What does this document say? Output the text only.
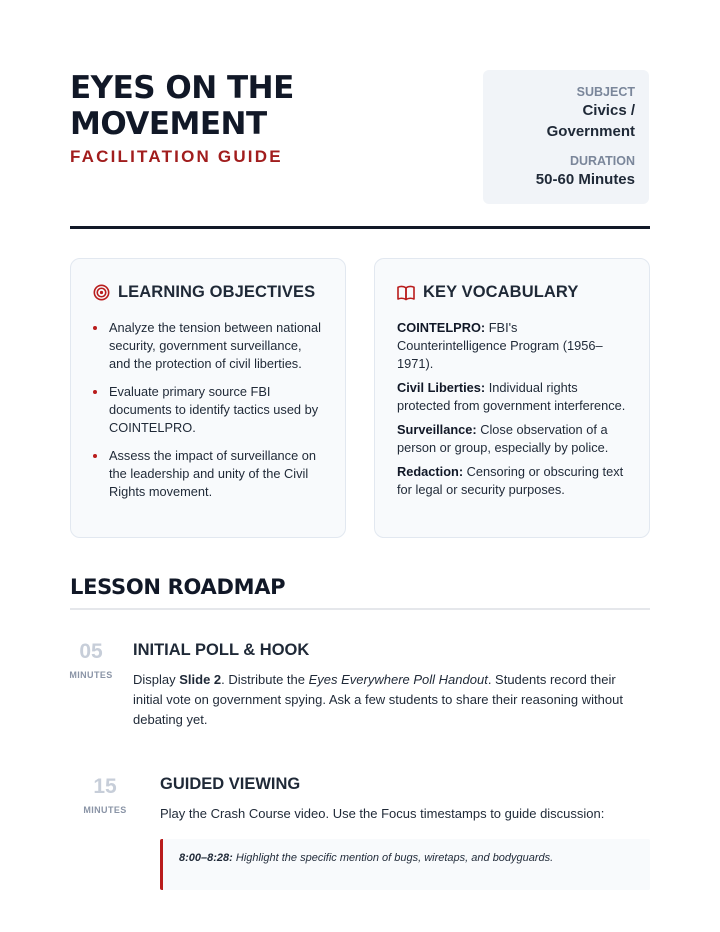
EYES ON THE
MOVEMENT
FACILITATION GUIDE
SUBJECT
Civics / Government
DURATION
50-60 Minutes
LEARNING OBJECTIVES
Analyze the tension between national security, government surveillance, and the protection of civil liberties.
Evaluate primary source FBI documents to identify tactics used by COINTELPRO.
Assess the impact of surveillance on the leadership and unity of the Civil Rights movement.
KEY VOCABULARY
COINTELPRO: FBI's Counterintelligence Program (1956–1971).
Civil Liberties: Individual rights protected from government interference.
Surveillance: Close observation of a person or group, especially by police.
Redaction: Censoring or obscuring text for legal or security purposes.
LESSON ROADMAP
05
MINUTES
INITIAL POLL & HOOK
Display Slide 2. Distribute the Eyes Everywhere Poll Handout. Students record their initial vote on government spying. Ask a few students to share their reasoning without debating yet.
15
MINUTES
GUIDED VIEWING
Play the Crash Course video. Use the Focus timestamps to guide discussion:
8:00–8:28: Highlight the specific mention of bugs, wiretaps, and bodyguards.
